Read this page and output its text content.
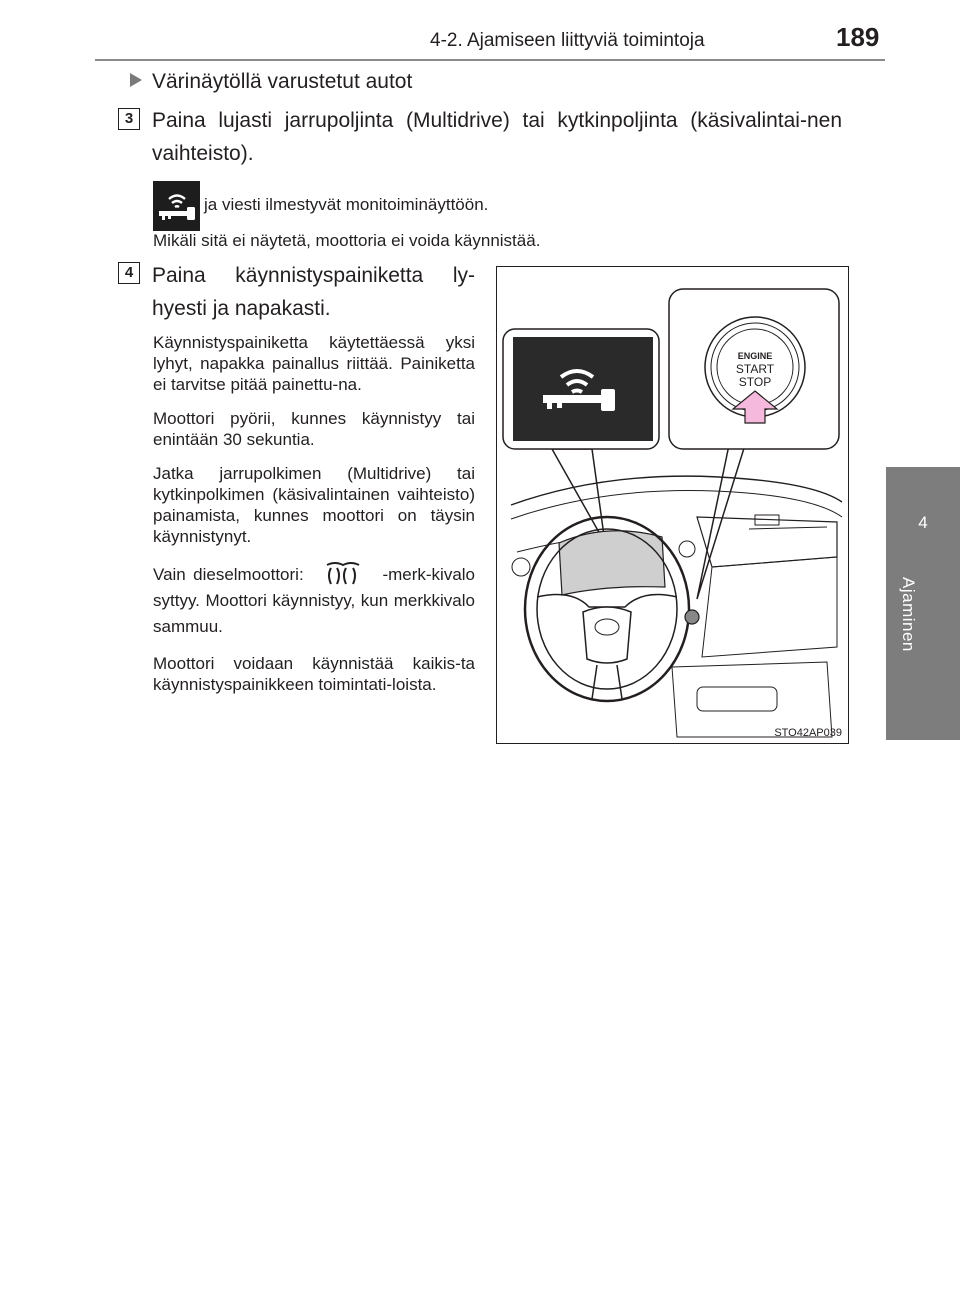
4-2. Ajamiseen liittyviä toimintoja	189
4
Ajaminen
Värinäytöllä varustetut autot
3 Paina lujasti jarrupoljinta (Multidrive) tai kytkinpoljinta (käsivalintai-nen vaihteisto).
ja viesti ilmestyvät monitoiminäyttöön.
Mikäli sitä ei näytetä, moottoria ei voida käynnistää.
4 Paina käynnistyspainiketta ly-hyesti ja napakasti.

Käynnistyspainiketta käytettäessä yksi lyhyt, napakka painallus riittää. Painiketta ei tarvitse pitää painettu-na.

Moottori pyörii, kunnes käynnistyy tai enintään 30 sekuntia.

Jatka jarrupolkimen (Multidrive) tai kytkinpolkimen (käsivalintainen vaihteisto) painamista, kunnes moottori on täysin käynnistynyt.

Vain dieselmoottori:	-merk-kivalo syttyy. Moottori käynnistyy, kun merkkivalo sammuu.

Moottori voidaan käynnistää kaikis-ta käynnistyspainikkeen toimintati-loista.

ENGINE
START
STOP
STO42AP039
